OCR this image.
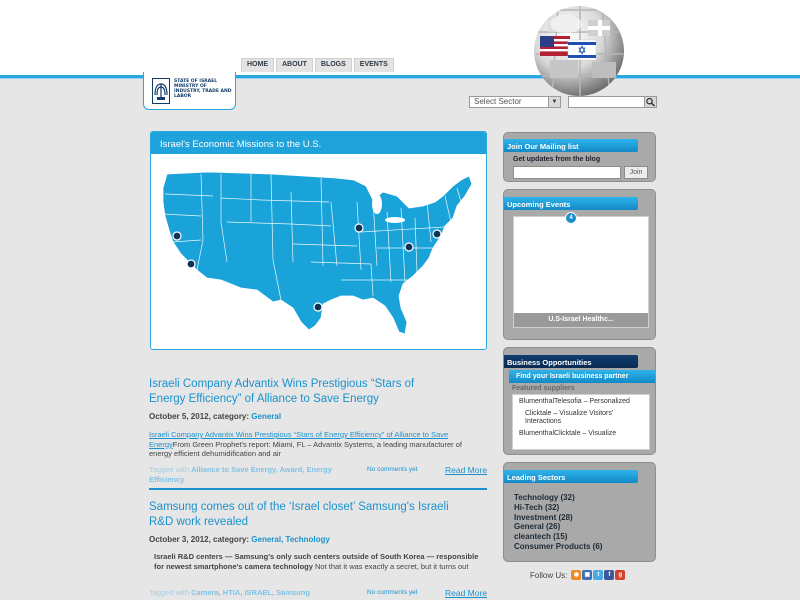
STATE OF ISRAEL MINISTRY OF INDUSTRY, TRADE AND LABOR
HOME	ABOUT	BLOGS	EVENTS
Select Sector	▼
Israel's Economic Missions to the U.S.
Israeli Company Advantix Wins Prestigious “Stars of Energy Efficiency” of Alliance to Save Energy
October 5, 2012, category: General
Israeli Company Advantix Wins Prestigious “Stars of Energy Efficiency” of Alliance to Save EnergyFrom Green Prophet's report: Miami, FL – Advantix Systems, a leading manufacturer of energy efficient dehumidification and air
Tagged with Alliance to Save Energy, Award, Energy Efficiency
No comments yet	Read More
Samsung comes out of the ‘Israel closet’ Samsung's Israeli R&D work revealed
October 3, 2012, category: General, Technology
Israeli R&D centers — Samsung's only such centers outside of South Korea — responsible for newest smartphone's camera technology Not that it was exactly a secret, but it turns out
Tagged with Camera, HTIA, ISRAEL, Samsung	No comments yet	Read More
Join Our Mailing list
Get updates from the blog
Join
Upcoming Events
4
U.S-Israel Healthc...
Business Opportunities
Find your Israeli business partner
Featured suppliers
BlumenthalTelesofia – Personalized
Clicktale – Visualize Visitors' Interactions
BlumenthalClicktale – Visualize
Leading Sectors
Technology (32)
Hi-Tech (32)
Investment (28)
General (26)
cleantech (15)
Consumer Products (6)
Follow Us:	◉ ▣	t	f	g
